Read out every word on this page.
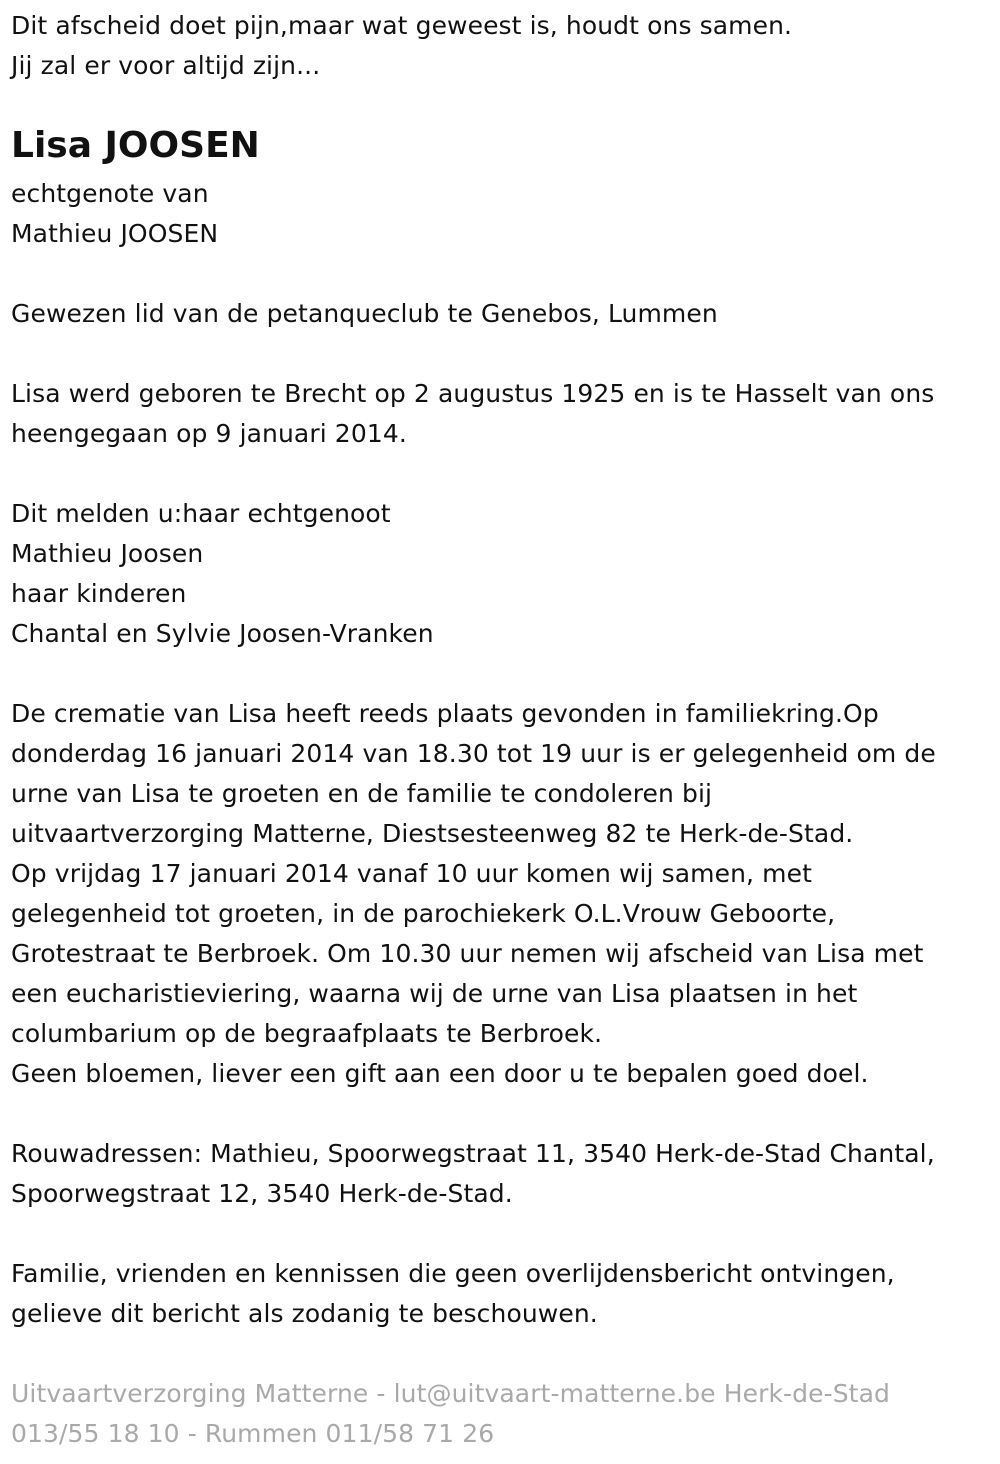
Dit afscheid doet pijn,maar wat geweest is, houdt ons samen.
Jij zal er voor altijd zijn...
Lisa JOOSEN
echtgenote van
Mathieu JOOSEN
Gewezen lid van de petanqueclub te Genebos, Lummen
Lisa werd geboren te Brecht op 2 augustus 1925 en is te Hasselt van ons
heengegaan op 9 januari 2014.
Dit melden u:haar echtgenoot
Mathieu Joosen
haar kinderen
Chantal en Sylvie Joosen-Vranken
De crematie van Lisa heeft reeds plaats gevonden in familiekring.Op
donderdag 16 januari 2014 van 18.30 tot 19 uur is er gelegenheid om de
urne van Lisa te groeten en de familie te condoleren bij
uitvaartverzorging Matterne, Diestsesteenweg 82 te Herk-de-Stad.
Op vrijdag 17 januari 2014 vanaf 10 uur komen wij samen, met
gelegenheid tot groeten, in de parochiekerk O.L.Vrouw Geboorte,
Grotestraat te Berbroek. Om 10.30 uur nemen wij afscheid van Lisa met
een eucharistieviering, waarna wij de urne van Lisa plaatsen in het
columbarium op de begraafplaats te Berbroek.
Geen bloemen, liever een gift aan een door u te bepalen goed doel.
Rouwadressen: Mathieu, Spoorwegstraat 11, 3540 Herk-de-Stad Chantal,
Spoorwegstraat 12, 3540 Herk-de-Stad.
Familie, vrienden en kennissen die geen overlijdensbericht ontvingen,
gelieve dit bericht als zodanig te beschouwen.
Uitvaartverzorging Matterne - lut@uitvaart-matterne.be Herk-de-Stad
013/55 18 10 - Rummen 011/58 71 26
